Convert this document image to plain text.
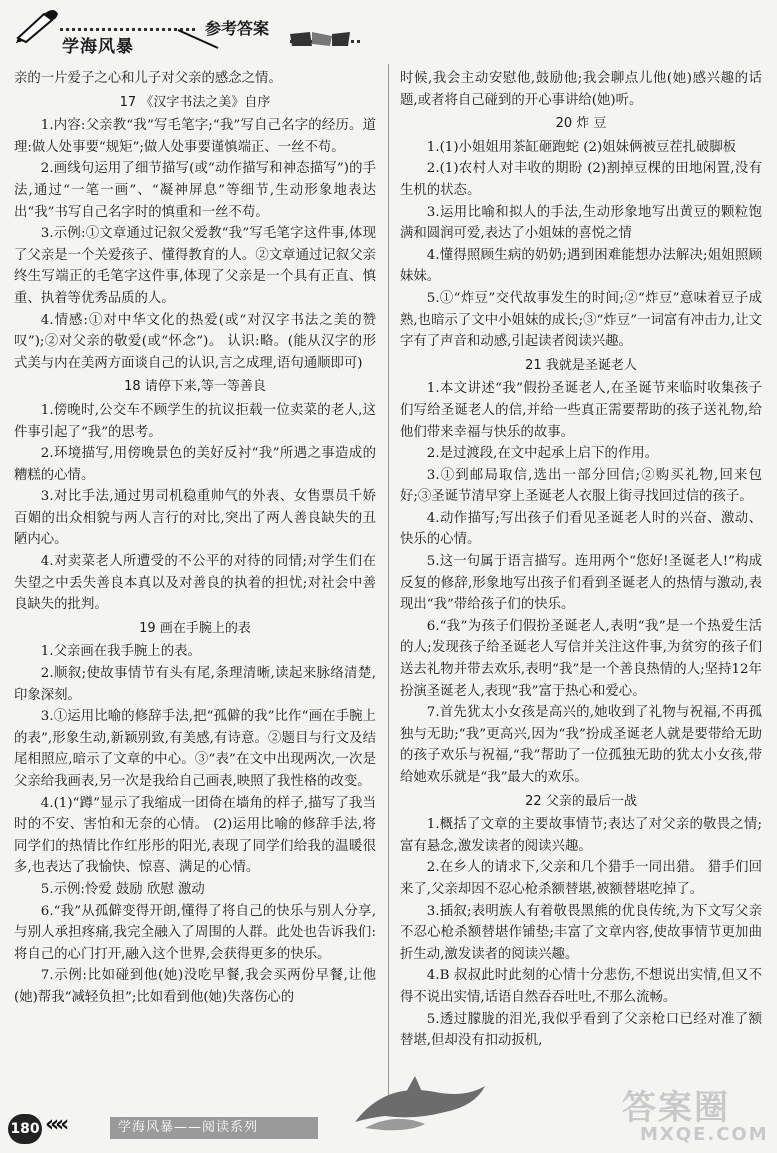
学海风暴
参考答案

亲的一片爱子之心和儿子对父亲的感念之情。

17 《汉字书法之美》自序

1.内容:父亲教“我”写毛笔字;“我”写自己名字的经历。道理:做人处事要“规矩”;做人处事要谨慎端正、一丝不苟。

2.画线句运用了细节描写(或“动作描写和神态描写”)的手法,通过“一笔一画”、“凝神屏息”等细节,生动形象地表达出“我”书写自己名字时的慎重和一丝不苟。

3.示例:①文章通过记叙父爱教“我”写毛笔字这件事,体现了父亲是一个关爱孩子、懂得教育的人。②文章通过记叙父亲终生写端正的毛笔字这件事,体现了父亲是一个具有正直、慎重、执着等优秀品质的人。

4.情感:①对中华文化的热爱(或“对汉字书法之美的赞叹”);②对父亲的敬爱(或“怀念”)。 认识:略。(能从汉字的形式美与内在美两方面谈自己的认识,言之成理,语句通顺即可)

18 请停下来,等一等善良

1.傍晚时,公交车不顾学生的抗议拒载一位卖菜的老人,这件事引起了“我”的思考。

2.环境描写,用傍晚景色的美好反衬“我”所遇之事造成的糟糕的心情。

3.对比手法,通过男司机稳重帅气的外表、女售票员千娇百媚的出众相貌与两人言行的对比,突出了两人善良缺失的丑陋内心。

4.对卖菜老人所遭受的不公平的对待的同情;对学生们在失望之中丢失善良本真以及对善良的执着的担忧;对社会中善良缺失的批判。

19 画在手腕上的表

1.父亲画在我手腕上的表。

2.顺叙;使故事情节有头有尾,条理清晰,读起来脉络清楚,印象深刻。

3.①运用比喻的修辞手法,把“孤僻的我”比作“画在手腕上的表”,形象生动,新颖别致,有美感,有诗意。②题目与行文及结尾相照应,暗示了文章的中心。③“表”在文中出现两次,一次是父亲给我画表,另一次是我给自己画表,映照了我性格的改变。

4.(1)“蹲”显示了我缩成一团倚在墙角的样子,描写了我当时的不安、害怕和无奈的心情。 (2)运用比喻的修辞手法,将同学们的热情比作红彤彤的阳光,表现了同学们给我的温暖很多,也表达了我愉快、惊喜、满足的心情。

5.示例:怜爱 鼓励 欣慰 激动

6.“我”从孤僻变得开朗,懂得了将自己的快乐与别人分享,与别人承担疼痛,我完全融入了周围的人群。此处也告诉我们:将自己的心门打开,融入这个世界,会获得更多的快乐。

7.示例:比如碰到他(她)没吃早餐,我会买两份早餐,让他(她)帮我“减轻负担”;比如看到他(她)失落伤心的

时候,我会主动安慰他,鼓励他;我会聊点儿他(她)感兴趣的话题,或者将自己碰到的开心事讲给(她)听。

20 炸 豆

1.(1)小姐姐用茶缸砸跑蛇 (2)姐妹俩被豆茬扎破脚板

2.(1)农村人对丰收的期盼 (2)割掉豆棵的田地闲置,没有生机的状态。

3.运用比喻和拟人的手法,生动形象地写出黄豆的颗粒饱满和圆润可爱,表达了小姐妹的喜悦之情

4.懂得照顾生病的奶奶;遇到困难能想办法解决;姐姐照顾妹妹。

5.①“炸豆”交代故事发生的时间;②“炸豆”意味着豆子成熟,也暗示了文中小姐妹的成长;③“炸豆”一词富有冲击力,让文字有了声音和动感,引起读者阅读兴趣。

21 我就是圣诞老人

1.本文讲述“我”假扮圣诞老人,在圣诞节来临时收集孩子们写给圣诞老人的信,并给一些真正需要帮助的孩子送礼物,给他们带来幸福与快乐的故事。

2.是过渡段,在文中起承上启下的作用。

3.①到邮局取信,选出一部分回信;②购买礼物,回来包好;③圣诞节清早穿上圣诞老人衣服上街寻找回过信的孩子。

4.动作描写;写出孩子们看见圣诞老人时的兴奋、激动、快乐的心情。

5.这一句属于语言描写。连用两个“您好!圣诞老人!”构成反复的修辞,形象地写出孩子们看到圣诞老人的热情与激动,表现出“我”带给孩子们的快乐。

6.“我”为孩子们假扮圣诞老人,表明“我”是一个热爱生活的人;发现孩子给圣诞老人写信并关注这件事,为贫穷的孩子们送去礼物并带去欢乐,表明“我”是一个善良热情的人;坚持12年扮演圣诞老人,表现“我”富于热心和爱心。

7.首先犹太小女孩是高兴的,她收到了礼物与祝福,不再孤独与无助;“我”更高兴,因为“我”扮成圣诞老人就是要带给无助的孩子欢乐与祝福,“我”帮助了一位孤独无助的犹太小女孩,带给她欢乐就是“我”最大的欢乐。

22 父亲的最后一战

1.概括了文章的主要故事情节;表达了对父亲的敬畏之情;富有悬念,激发读者的阅读兴趣。

2.在乡人的请求下,父亲和几个猎手一同出猎。 猎手们回来了,父亲却因不忍心枪杀额替堪,被额替堪吃掉了。

3.插叙;表明族人有着敬畏黑熊的优良传统,为下文写父亲不忍心枪杀额替堪作铺垫;丰富了文章内容,使故事情节更加曲折生动,激发读者的阅读兴趣。

4.B 叔叔此时此刻的心情十分悲伤,不想说出实情,但又不得不说出实情,话语自然吞吞吐吐,不那么流畅。

5.透过朦胧的泪光,我似乎看到了父亲枪口已经对准了额替堪,但却没有扣动扳机,

180 ‹‹‹‹	学海风暴——阅读系列	答案圈
MXQE.COM
